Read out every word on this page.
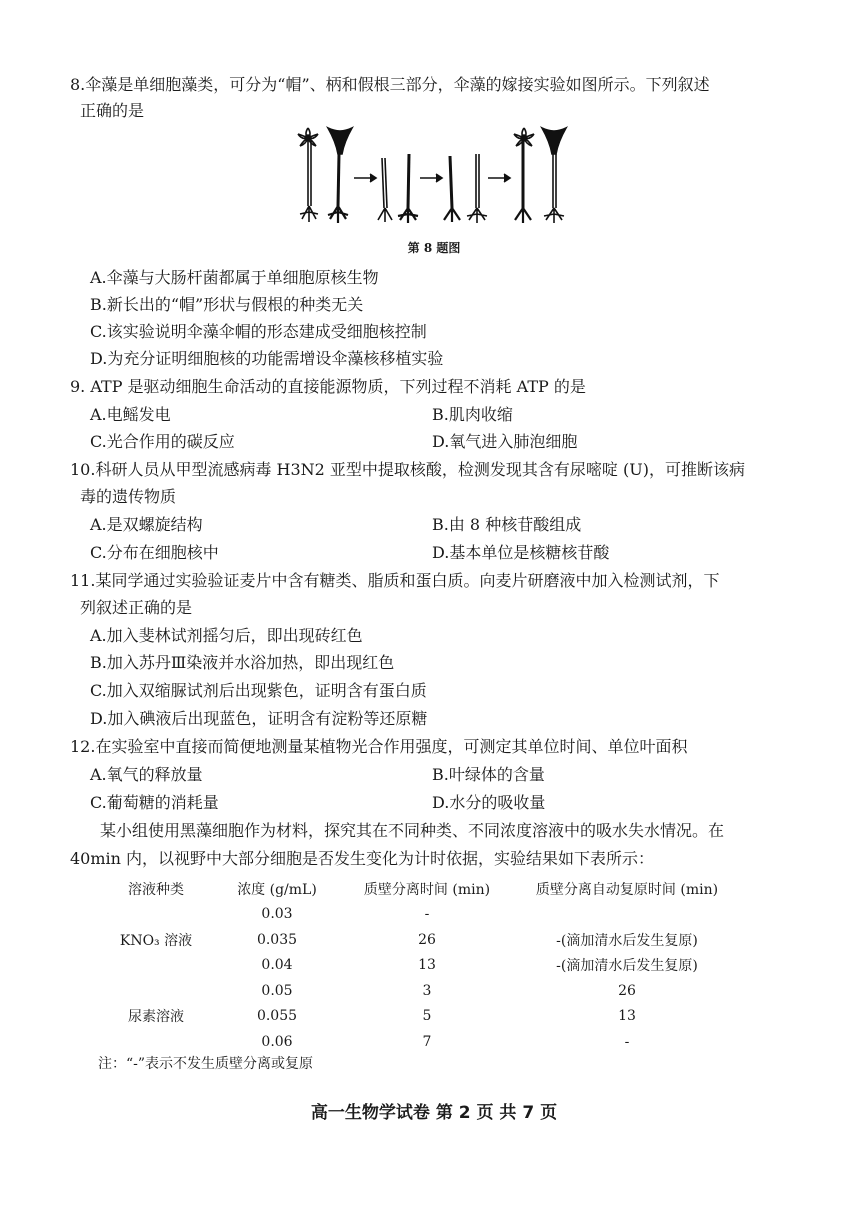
8.伞藻是单细胞藻类，可分为“帽”、柄和假根三部分，伞藻的嫁接实验如图所示。下列叙述
正确的是
第 8 题图
A.伞藻与大肠杆菌都属于单细胞原核生物
B.新长出的“帽”形状与假根的种类无关
C.该实验说明伞藻伞帽的形态建成受细胞核控制
D.为充分证明细胞核的功能需增设伞藻核移植实验
9. ATP 是驱动细胞生命活动的直接能源物质，下列过程不消耗 ATP 的是
A.电鳐发电	B.肌肉收缩
C.光合作用的碳反应	D.氧气进入肺泡细胞
10.科研人员从甲型流感病毒 H3N2 亚型中提取核酸，检测发现其含有尿嘧啶 (U)，可推断该病
毒的遗传物质
A.是双螺旋结构	B.由 8 种核苷酸组成
C.分布在细胞核中	D.基本单位是核糖核苷酸
11.某同学通过实验验证麦片中含有糖类、脂质和蛋白质。向麦片研磨液中加入检测试剂，下
列叙述正确的是
A.加入斐林试剂摇匀后，即出现砖红色
B.加入苏丹Ⅲ染液并水浴加热，即出现红色
C.加入双缩脲试剂后出现紫色，证明含有蛋白质
D.加入碘液后出现蓝色，证明含有淀粉等还原糖
12.在实验室中直接而简便地测量某植物光合作用强度，可测定其单位时间、单位叶面积
A.氧气的释放量	B.叶绿体的含量
C.葡萄糖的消耗量	D.水分的吸收量
某小组使用黑藻细胞作为材料，探究其在不同种类、不同浓度溶液中的吸水失水情况。在
40min 内，以视野中大部分细胞是否发生变化为计时依据，实验结果如下表所示：
溶液种类	浓度 (g/mL)	质壁分离时间 (min)	质壁分离自动复原时间 (min)
	0.03	-	
KNO₃ 溶液	0.035	26	-(滴加清水后发生复原)
	0.04	13	-(滴加清水后发生复原)
	0.05	3	26
尿素溶液	0.055	5	13
	0.06	7	-
注：“-”表示不发生质壁分离或复原
高一生物学试卷 第 2 页 共 7 页
